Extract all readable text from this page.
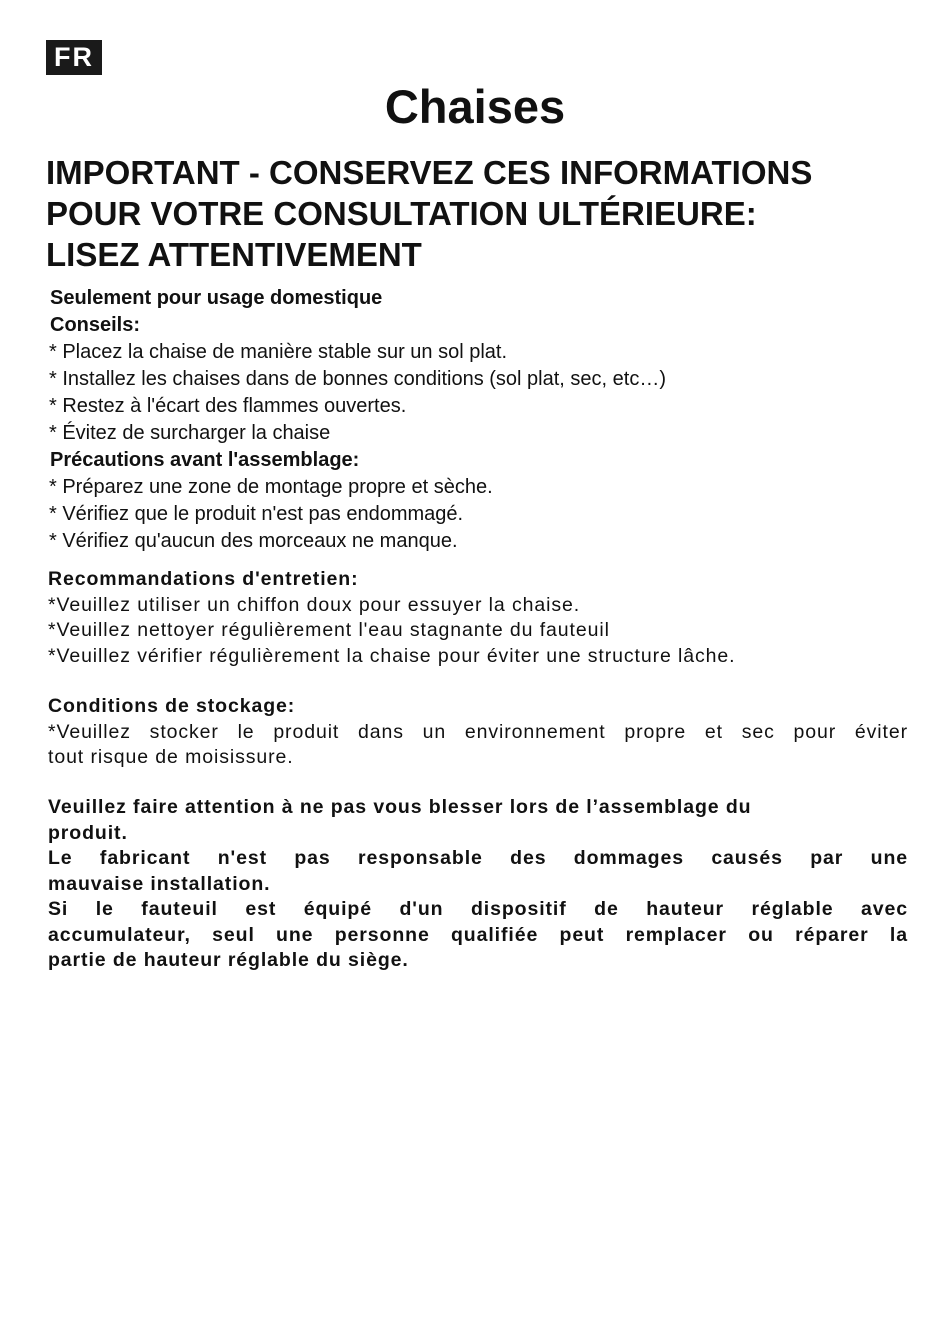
FR
Chaises
IMPORTANT - CONSERVEZ CES INFORMATIONS
POUR VOTRE CONSULTATION ULTÉRIEURE:
LISEZ ATTENTIVEMENT
Seulement pour usage domestique
Conseils:
* Placez la chaise de manière stable sur un sol plat.
* Installez les chaises dans de bonnes conditions (sol plat, sec, etc…)
* Restez à l'écart des flammes ouvertes.
* Évitez de surcharger la chaise
Précautions avant l'assemblage:
* Préparez une zone de montage propre et sèche.
* Vérifiez que le produit n'est pas endommagé.
* Vérifiez qu'aucun des morceaux ne manque.
Recommandations d'entretien:
*Veuillez utiliser un chiffon doux pour essuyer la chaise.
*Veuillez nettoyer régulièrement l'eau stagnante du fauteuil
*Veuillez vérifier régulièrement la chaise pour éviter une structure lâche.
Conditions de stockage:
*Veuillez stocker le produit dans un environnement propre et sec pour éviter
tout risque de moisissure.
Veuillez faire attention à ne pas vous blesser lors de l’assemblage du
produit.
Le fabricant n'est pas responsable des dommages causés par une
mauvaise installation.
Si le fauteuil est équipé d'un dispositif de hauteur réglable avec
accumulateur, seul une personne qualifiée peut remplacer ou réparer la
partie de hauteur réglable du siège.
